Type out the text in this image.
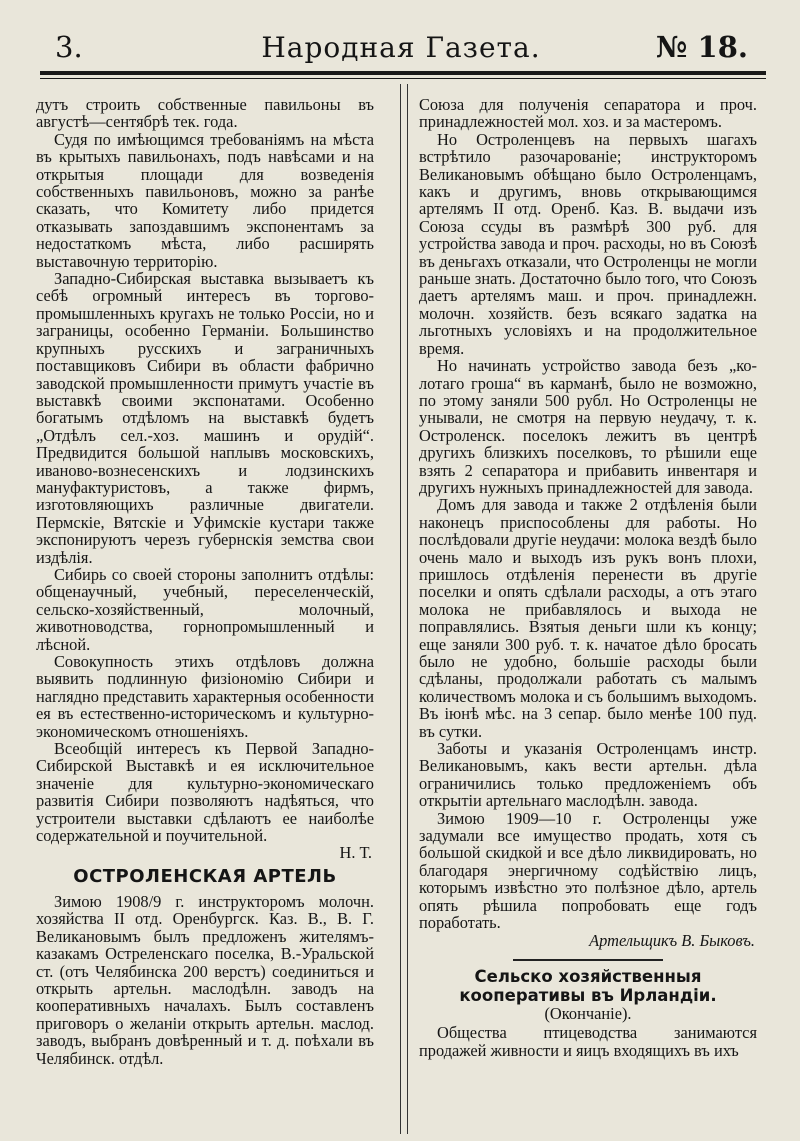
3.	Народная Газета.	№ 18.

дутъ строить собственные павильоны въ августѣ—сентябрѣ тек. года.

Судя по имѣющимся требованіямъ на мѣста въ крытыхъ павильонахъ, подъ навѣсами и на открытыя площади для возведенія собственныхъ павильоновъ, можно за ранѣе сказать, что Комитету либо придется отказывать запоздавшимъ экспонентамъ за недостаткомъ мѣста, либо расширять выставочную территорію.

Западно-Сибирская выставка вызываетъ къ себѣ огромный интересъ въ торгово-промышленныхъ кругахъ не только Россіи, но и заграницы, особенно Германіи. Большинство крупныхъ русскихъ и заграничныхъ поставщиковъ Сибири въ области фабрично заводской промышленности примутъ участіе въ выставкѣ своими экспонатами. Особенно богатымъ отдѣломъ на выставкѣ будетъ „Отдѣлъ сел.-хоз. машинъ и орудій“. Предвидится большой наплывъ московскихъ, иваново-вознесенскихъ и лодзинскихъ мануфактуристовъ, а также фирмъ, изготовляющихъ различные двигатели. Пермскіе, Вятскіе и Уфимскіе кустари также экспонируютъ черезъ губернскія земства свои издѣлія.

Сибирь со своей стороны заполнитъ отдѣлы: общенаучный, учебный, переселенческій, сельско-хозяйственный, молочный, животноводства, горнопромышленный и лѣсной.

Совокупность этихъ отдѣловъ должна выявить подлинную физіономію Сибири и наглядно представить характерныя особенности ея въ естественно-историческомъ и культурно-экономическомъ отношеніяхъ.

Всеобщій интересъ къ Первой Западно-Сибирской Выставкѣ и ея исключительное значеніе для культурно-экономическаго развитія Сибири позволяютъ надѣяться, что устроители выставки сдѣлаютъ ее наиболѣе содержательной и поучительной.

Н. Т.
ОСТРОЛЕНСКАЯ АРТЕЛЬ

Зимою 1908/9 г. инструкторомъ молочн. хозяйства II отд. Оренбургск. Каз. В., В. Г. Великановымъ былъ предложенъ жителямъ-казакамъ Остреленскаго поселка, В.-Уральской ст. (отъ Челябинска 200 верстъ) соединиться и открыть артельн. маслодѣлн. заводъ на кооперативныхъ началахъ. Былъ составленъ приговоръ о желаніи открыть артельн. маслод. заводъ, выбранъ довѣренный и т. д. поѣхали въ Челябинск. отдѣл.

Союза для полученія сепаратора и проч. принадлежностей мол. хоз. и за мастеромъ.

Но Остроленцевъ на первыхъ шагахъ встрѣтило разочарованіе; инструкторомъ Великановымъ обѣщано было Остроленцамъ, какъ и другимъ, вновь открывающимся артелямъ II отд. Оренб. Каз. В. выдачи изъ Союза ссуды въ размѣрѣ 300 руб. для устройства завода и проч. расходы, но въ Союзѣ въ деньгахъ отказали, что Остроленцы не могли раньше знать. Достаточно было того, что Союзъ даетъ артелямъ маш. и проч. принадлежн. молочн. хозяйств. безъ всякаго задатка на льготныхъ условіяхъ и на продолжительное время.

Но начинать устройство завода безъ „ко-лотаго гроша“ въ карманѣ, было не возможно, по этому заняли 500 рубл. Но Остроленцы не унывали, не смотря на первую неудачу, т. к. Остроленск. поселокъ лежитъ въ центрѣ другихъ близкихъ поселковъ, то рѣшили еще взять 2 сепаратора и прибавить инвентаря и другихъ нужныхъ принадлежностей для завода.

Домъ для завода и также 2 отдѣленія были наконецъ приспособлены для работы. Но послѣдовали другіе неудачи: молока вездѣ было очень мало и выходъ изъ рукъ вонъ плохи, пришлось отдѣленія перенести въ другіе поселки и опять сдѣлали расходы, а отъ этаго молока не прибавлялось и выхода не поправлялись. Взятыя деньги шли къ концу; еще заняли 300 руб. т. к. начатое дѣло бросать было не удобно, большіе расходы были сдѣланы, продолжали работать съ малымъ количествомъ молока и съ большимъ выходомъ. Въ іюнѣ мѣс. на 3 сепар. было менѣе 100 пуд. въ сутки.

Заботы и указанія Остроленцамъ инстр. Великановымъ, какъ вести артельн. дѣла ограничились только предложеніемъ объ открытіи артельнаго маслодѣлн. завода.

Зимою 1909—10 г. Остроленцы уже задумали все имущество продать, хотя съ большой скидкой и все дѣло ликвидировать, но благодаря энергичному содѣйствію лицъ, которымъ извѣстно это полѣзное дѣло, артель опять рѣшила попробовать еще годъ поработать.

Артельщикъ В. Быковъ.
Сельско хозяйственныя кооперативы въ Ирландіи.
(Окончаніе).

Общества птицеводства занимаются продажей живности и яицъ входящихъ въ ихъ
